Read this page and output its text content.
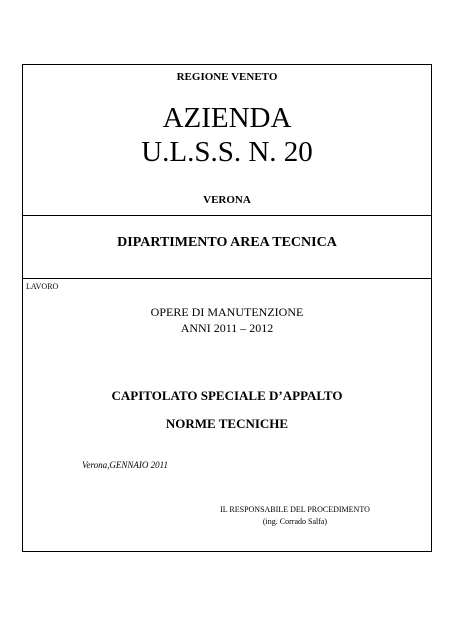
REGIONE VENETO
AZIENDA
U.L.S.S. N. 20
VERONA
DIPARTIMENTO AREA TECNICA
LAVORO
OPERE DI MANUTENZIONE
ANNI 2011 – 2012
CAPITOLATO SPECIALE D’APPALTO
NORME TECNICHE
Verona,GENNAIO 2011
IL RESPONSABILE DEL PROCEDIMENTO
(ing. Corrado Salfa)
